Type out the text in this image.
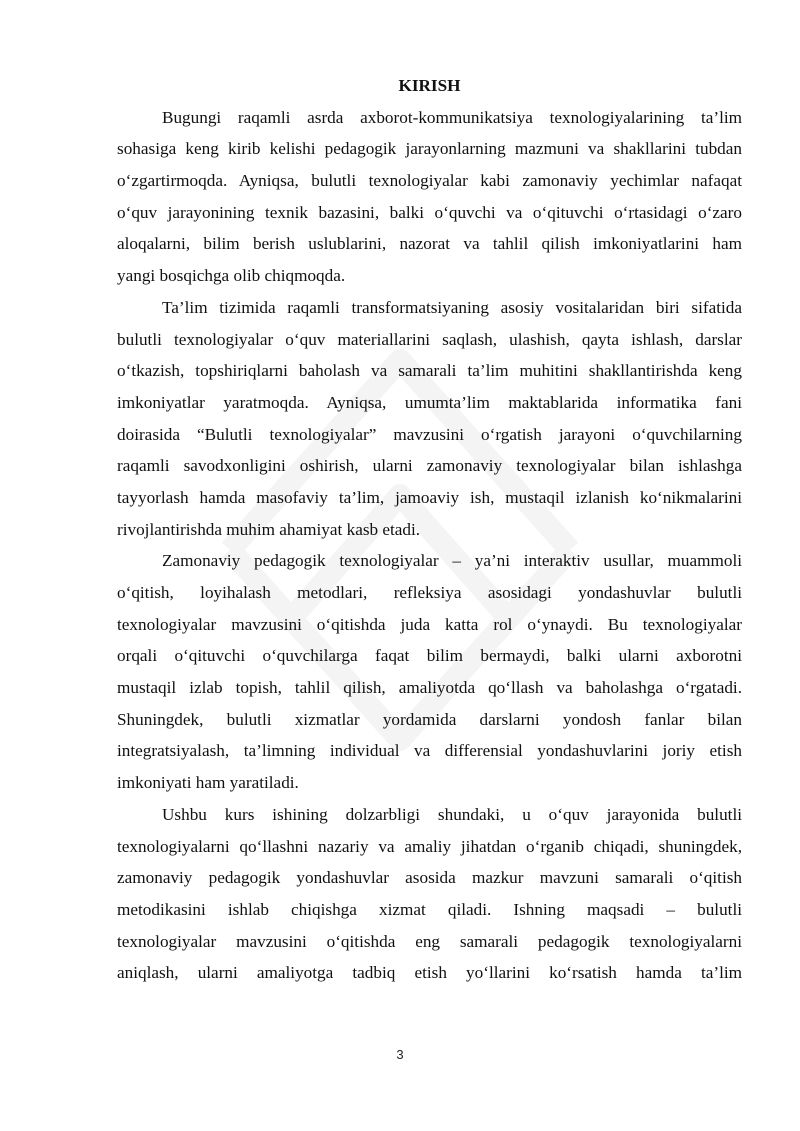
KIRISH
Bugungi raqamli asrda axborot-kommunikatsiya texnologiyalarining ta’lim
sohasiga keng kirib kelishi pedagogik jarayonlarning mazmuni va shakllarini tubdan
o‘zgartirmoqda. Ayniqsa, bulutli texnologiyalar kabi zamonaviy yechimlar nafaqat
o‘quv jarayonining texnik bazasini, balki o‘quvchi va o‘qituvchi o‘rtasidagi o‘zaro
aloqalarni, bilim berish uslublarini, nazorat va tahlil qilish imkoniyatlarini ham
yangi bosqichga olib chiqmoqda.
Ta’lim tizimida raqamli transformatsiyaning asosiy vositalaridan biri sifatida
bulutli texnologiyalar o‘quv materiallarini saqlash, ulashish, qayta ishlash, darslar
o‘tkazish, topshiriqlarni baholash va samarali ta’lim muhitini shakllantirishda keng
imkoniyatlar yaratmoqda. Ayniqsa, umumta’lim maktablarida informatika fani
doirasida “Bulutli texnologiyalar” mavzusini o‘rgatish jarayoni o‘quvchilarning
raqamli savodxonligini oshirish, ularni zamonaviy texnologiyalar bilan ishlashga
tayyorlash hamda masofaviy ta’lim, jamoaviy ish, mustaqil izlanish ko‘nikmalarini
rivojlantirishda muhim ahamiyat kasb etadi.
Zamonaviy pedagogik texnologiyalar – ya’ni interaktiv usullar, muammoli
o‘qitish, loyihalash metodlari, refleksiya asosidagi yondashuvlar bulutli
texnologiyalar mavzusini o‘qitishda juda katta rol o‘ynaydi. Bu texnologiyalar
orqali o‘qituvchi o‘quvchilarga faqat bilim bermaydi, balki ularni axborotni
mustaqil izlab topish, tahlil qilish, amaliyotda qo‘llash va baholashga o‘rgatadi.
Shuningdek, bulutli xizmatlar yordamida darslarni yondosh fanlar bilan
integratsiyalash, ta’limning individual va differensial yondashuvlarini joriy etish
imkoniyati ham yaratiladi.
Ushbu kurs ishining dolzarbligi shundaki, u o‘quv jarayonida bulutli
texnologiyalarni qo‘llashni nazariy va amaliy jihatdan o‘rganib chiqadi, shuningdek,
zamonaviy pedagogik yondashuvlar asosida mazkur mavzuni samarali o‘qitish
metodikasini ishlab chiqishga xizmat qiladi. Ishning maqsadi – bulutli
texnologiyalar mavzusini o‘qitishda eng samarali pedagogik texnologiyalarni
aniqlash, ularni amaliyotga tadbiq etish yo‘llarini ko‘rsatish hamda ta’lim
3
